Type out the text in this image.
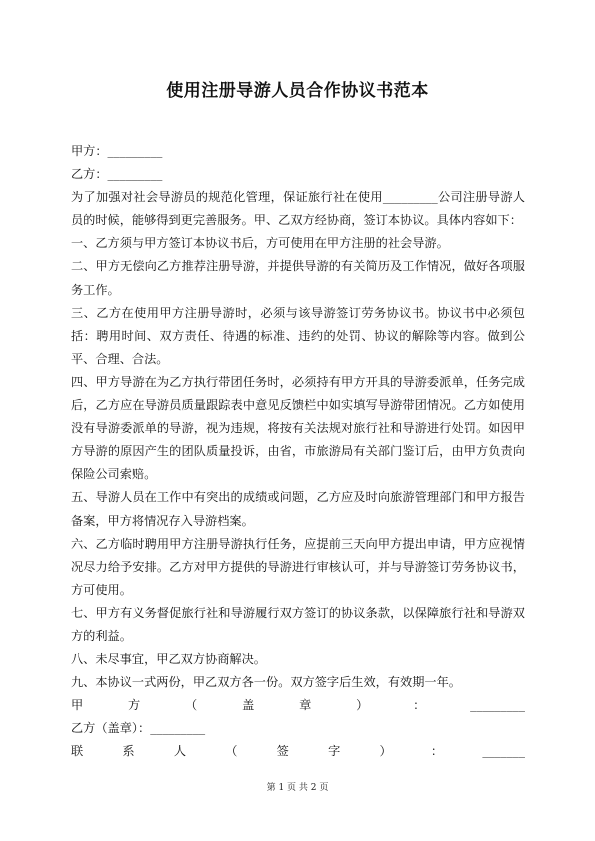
使用注册导游人员合作协议书范本

甲方：_________

乙方：_________

为了加强对社会导游员的规范化管理，保证旅行社在使用_________公司注册导游人员的时候，能够得到更完善服务。甲、乙双方经协商，签订本协议。具体内容如下：

一、乙方须与甲方签订本协议书后，方可使用在甲方注册的社会导游。

二、甲方无偿向乙方推荐注册导游，并提供导游的有关简历及工作情况，做好各项服务工作。

三、乙方在使用甲方注册导游时，必须与该导游签订劳务协议书。协议书中必须包括：聘用时间、双方责任、待遇的标准、违约的处罚、协议的解除等内容。做到公平、合理、合法。

四、甲方导游在为乙方执行带团任务时，必须持有甲方开具的导游委派单，任务完成后，乙方应在导游员质量跟踪表中意见反馈栏中如实填写导游带团情况。乙方如使用没有导游委派单的导游，视为违规，将按有关法规对旅行社和导游进行处罚。如因甲方导游的原因产生的团队质量投诉，由省，市旅游局有关部门鉴订后，由甲方负责向保险公司索赔。

五、导游人员在工作中有突出的成绩或问题，乙方应及时向旅游管理部门和甲方报告备案，甲方将情况存入导游档案。

六、乙方临时聘用甲方注册导游执行任务，应提前三天向甲方提出申请，甲方应视情况尽力给予安排。乙方对甲方提供的导游进行审核认可，并与导游签订劳务协议书，方可使用。

七、甲方有义务督促旅行社和导游履行双方签订的协议条款，以保障旅行社和导游双方的利益。

八、未尽事宜，甲乙双方协商解决。

九、本协议一式两份，甲乙双方各一份。双方签字后生效，有效期一年。

甲​方​（​盖​章​）​：​_​_​_​_​_​_​_​_​_

乙方（盖章）：_________

联​系​人​（​签​字​）​：​_​_​_​_​_​_​_

第 1 页 共 2 页
